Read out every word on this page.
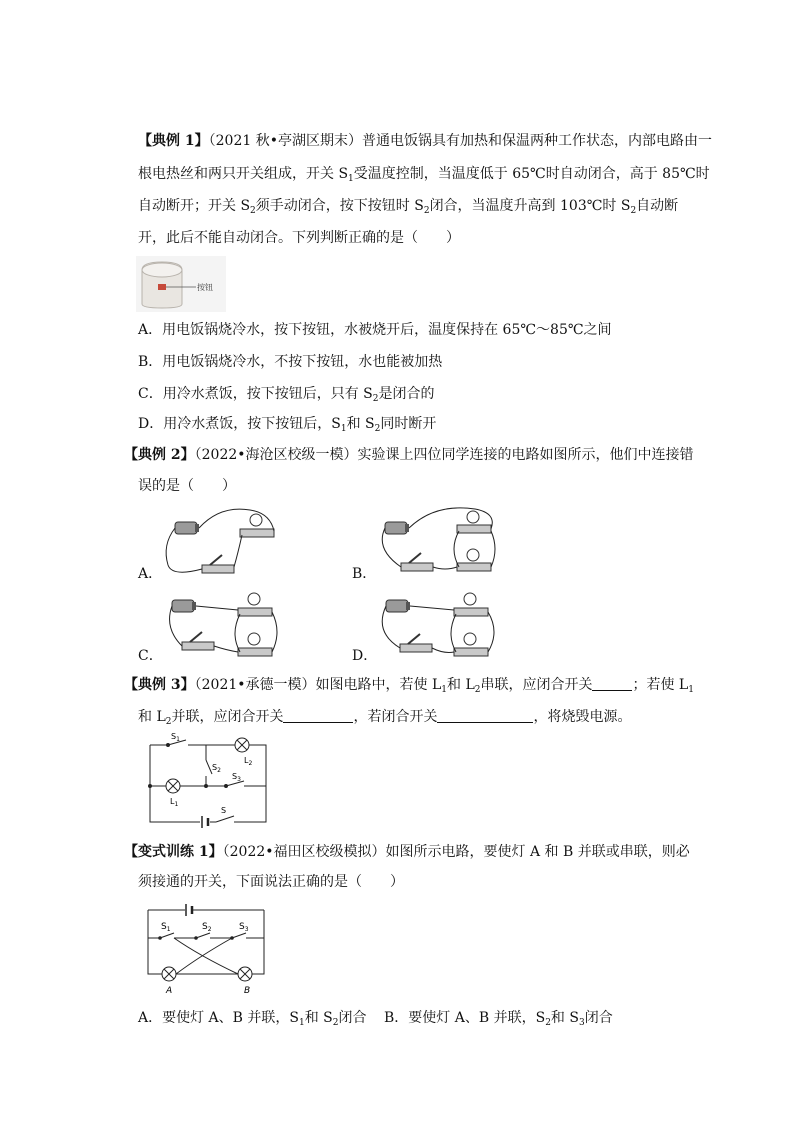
【典例 1】（2021 秋•亭湖区期末）普通电饭锅具有加热和保温两种工作状态，内部电路由一
根电热丝和两只开关组成，开关 $S_1$受温度控制，当温度低于 65℃时自动闭合，高于 85℃时
自动断开；开关 $S_2$须手动闭合，按下按钮时 $S_2$闭合，当温度升高到 103℃时 $S_2$自动断
开，此后不能自动闭合。下列判断正确的是（　　）
按钮
A．用电饭锅烧冷水，按下按钮，水被烧开后，温度保持在 65℃～85℃之间
B．用电饭锅烧冷水，不按下按钮，水也能被加热
C．用冷水煮饭，按下按钮后，只有 $S_2$是闭合的
D．用冷水煮饭，按下按钮后，$S_1$和 $S_2$同时断开
【典例 2】（2022•海沧区校级一模）实验课上四位同学连接的电路如图所示，他们中连接错
误的是（　　）
A．	B．
C．	D．
【典例 3】（2021•承德一模）如图电路中，若使 $L_1$和 $L_2$串联，应闭合开关	；若使 $L_1$
和 $L_2$并联，应闭合开关	，若闭合开关	，将烧毁电源。
$S_1$
$S_2$
$S_3$
$L_2$
$L_1$
S
【变式训练 1】（2022•福田区校级模拟）如图所示电路，要使灯 A 和 B 并联或串联，则必
须接通的开关，下面说法正确的是（　　）
$S_1$	$S_2$	$S_3$
A	B
A．要使灯 A、B 并联，$S_1$和 $S_2$闭合 B．要使灯 A、B 并联，$S_2$和 $S_3$闭合
